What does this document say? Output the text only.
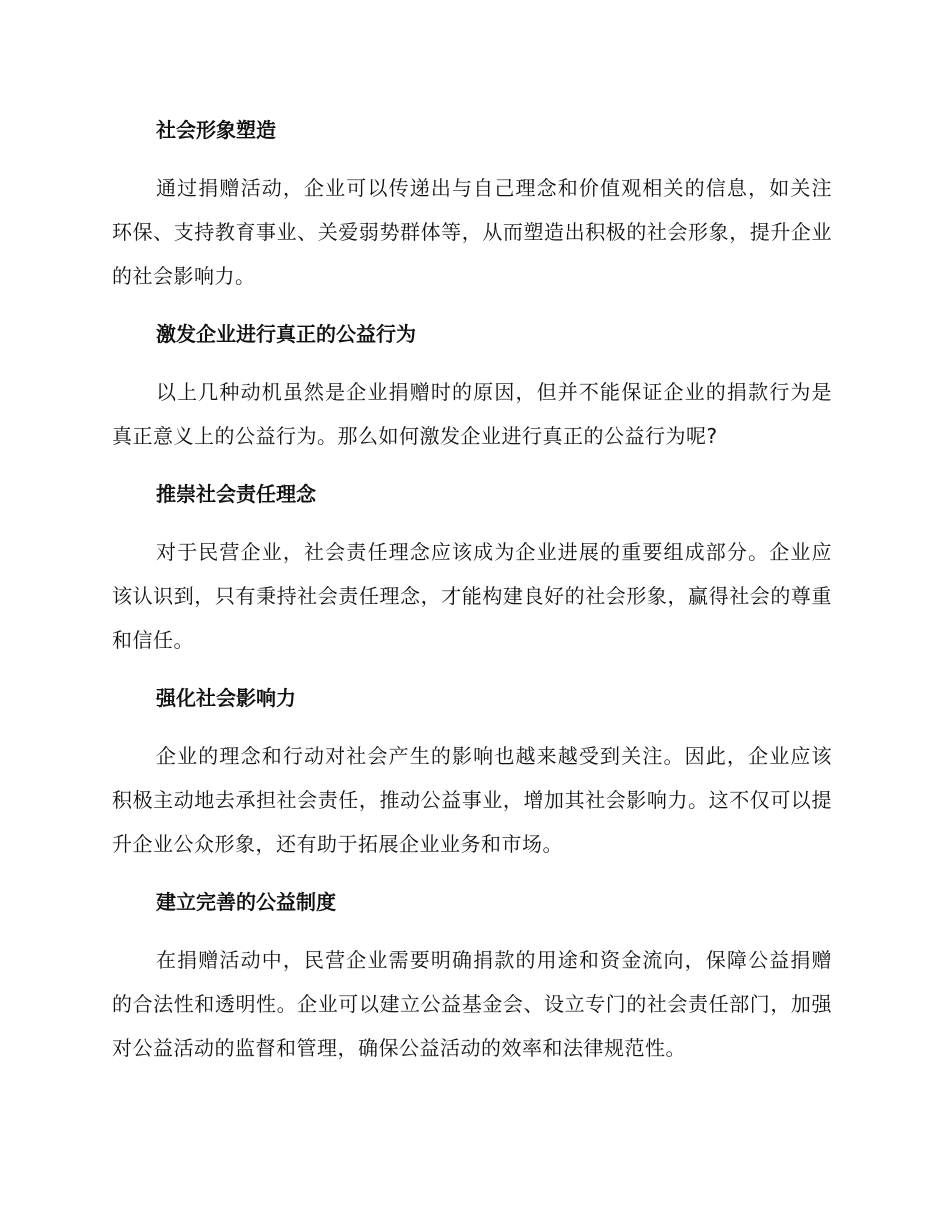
社会形象塑造

通过捐赠活动，企业可以传递出与自己理念和价值观相关的信息，如关注环保、支持教育事业、关爱弱势群体等，从而塑造出积极的社会形象，提升企业的社会影响力。

激发企业进行真正的公益行为

以上几种动机虽然是企业捐赠时的原因，但并不能保证企业的捐款行为是真正意义上的公益行为。那么如何激发企业进行真正的公益行为呢?

推崇社会责任理念

对于民营企业，社会责任理念应该成为企业进展的重要组成部分。企业应该认识到，只有秉持社会责任理念，才能构建良好的社会形象，赢得社会的尊重和信任。

强化社会影响力

企业的理念和行动对社会产生的影响也越来越受到关注。因此，企业应该积极主动地去承担社会责任，推动公益事业，增加其社会影响力。这不仅可以提升企业公众形象，还有助于拓展企业业务和市场。

建立完善的公益制度

在捐赠活动中，民营企业需要明确捐款的用途和资金流向，保障公益捐赠的合法性和透明性。企业可以建立公益基金会、设立专门的社会责任部门，加强对公益活动的监督和管理，确保公益活动的效率和法律规范性。
